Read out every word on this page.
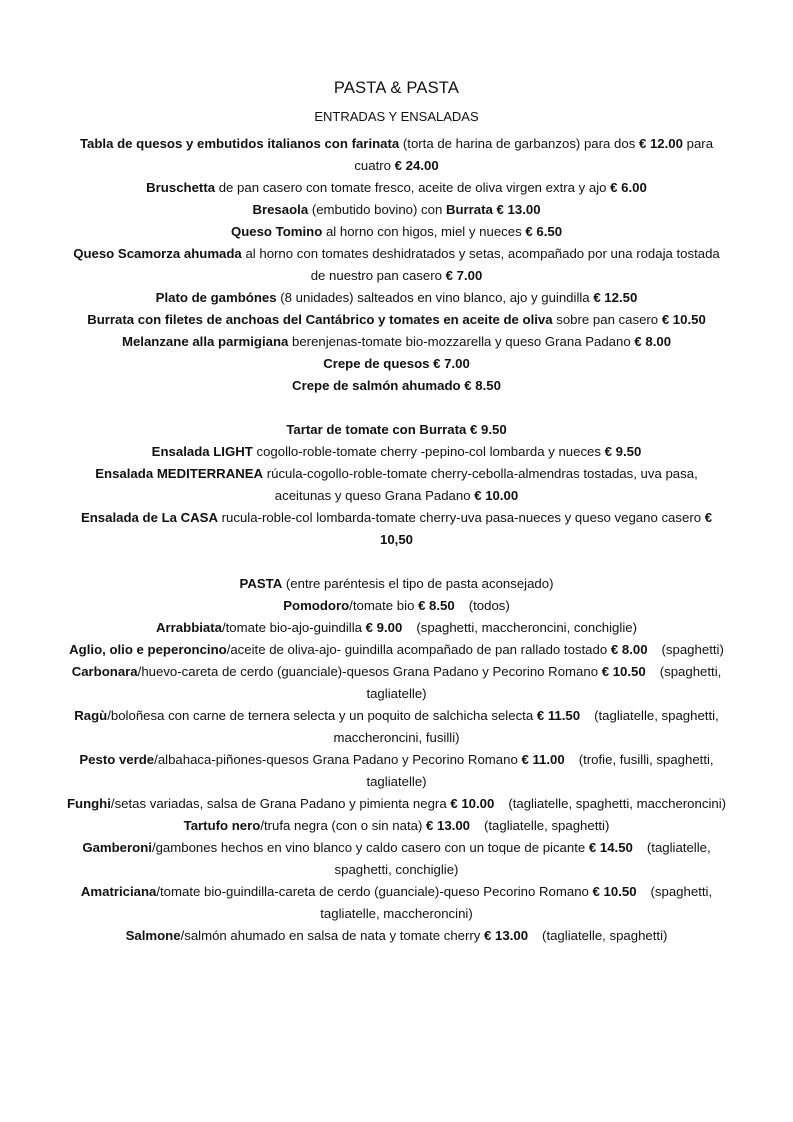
PASTA & PASTA
ENTRADAS Y ENSALADAS

Tabla de quesos y embutidos italianos con farinata (torta de harina de garbanzos) para dos € 12.00 para cuatro € 24.00

Bruschetta de pan casero con tomate fresco, aceite de oliva virgen extra y ajo € 6.00

Bresaola (embutido bovino) con Burrata € 13.00

Queso Tomino al horno con higos, miel y nueces € 6.50

Queso Scamorza ahumada al horno con tomates deshidratados y setas, acompañado por una rodaja tostada de nuestro pan casero € 7.00

Plato de gambónes (8 unidades) salteados en vino blanco, ajo y guindilla € 12.50

Burrata con filetes de anchoas del Cantábrico y tomates en aceite de oliva sobre pan casero € 10.50

Melanzane alla parmigiana berenjenas-tomate bio-mozzarella y queso Grana Padano € 8.00

Crepe de quesos € 7.00

Crepe de salmón ahumado € 8.50

Tartar de tomate con Burrata € 9.50

Ensalada LIGHT cogollo-roble-tomate cherry -pepino-col lombarda y nueces € 9.50

Ensalada MEDITERRANEA rúcula-cogollo-roble-tomate cherry-cebolla-almendras tostadas, uva pasa, aceitunas y queso Grana Padano € 10.00

Ensalada de La CASA rucula-roble-col lombarda-tomate cherry-uva pasa-nueces y queso vegano casero € 10,50

PASTA (entre paréntesis el tipo de pasta aconsejado)

Pomodoro/tomate bio € 8.50 (todos)

Arrabbiata/tomate bio-ajo-guindilla € 9.00 (spaghetti, maccheroncini, conchiglie)

Aglio, olio e peperoncino/aceite de oliva-ajo- guindilla acompañado de pan rallado tostado € 8.00 (spaghetti)

Carbonara/huevo-careta de cerdo (guanciale)-quesos Grana Padano y Pecorino Romano € 10.50 (spaghetti, tagliatelle)

Ragù/boloñesa con carne de ternera selecta y un poquito de salchicha selecta € 11.50 (tagliatelle, spaghetti, maccheroncini, fusilli)

Pesto verde/albahaca-piñones-quesos Grana Padano y Pecorino Romano € 11.00 (trofie, fusilli, spaghetti, tagliatelle)

Funghi/setas variadas, salsa de Grana Padano y pimienta negra € 10.00 (tagliatelle, spaghetti, maccheroncini)

Tartufo nero/trufa negra (con o sin nata) € 13.00 (tagliatelle, spaghetti)

Gamberoni/gambones hechos en vino blanco y caldo casero con un toque de picante € 14.50 (tagliatelle, spaghetti, conchiglie)

Amatriciana/tomate bio-guindilla-careta de cerdo (guanciale)-queso Pecorino Romano € 10.50 (spaghetti, tagliatelle, maccheroncini)

Salmone/salmón ahumado en salsa de nata y tomate cherry € 13.00 (tagliatelle, spaghetti)
